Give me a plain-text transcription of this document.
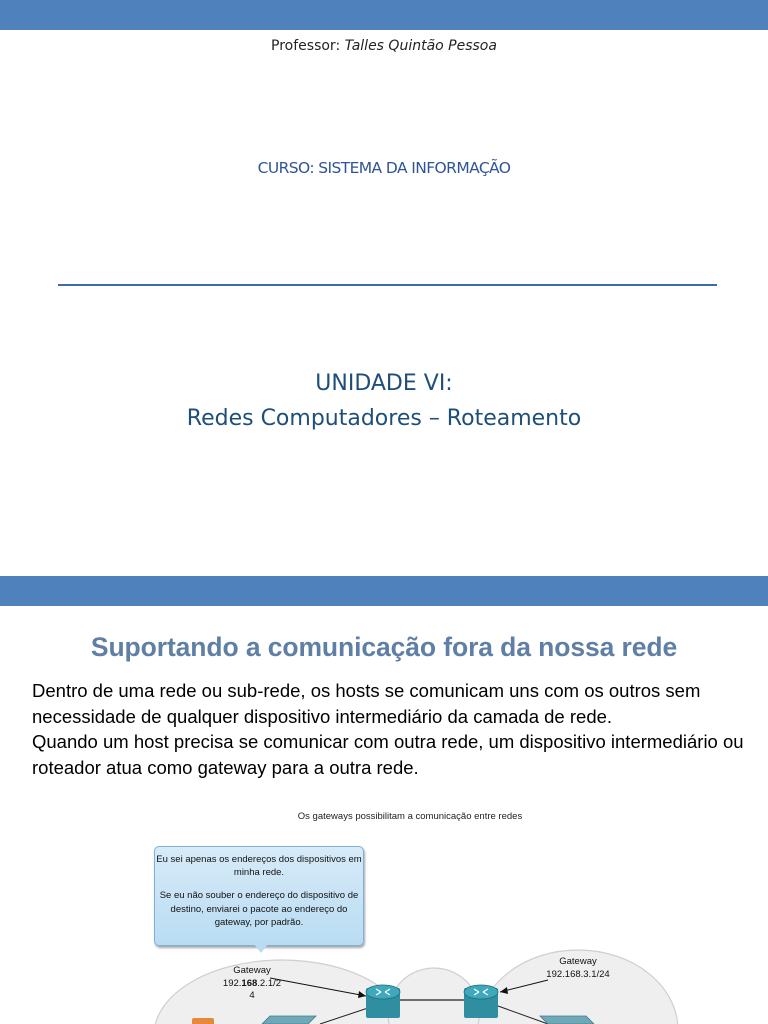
Professor: Talles Quintão Pessoa
CURSO: SISTEMA DA INFORMAÇÃO
UNIDADE VI:
Redes Computadores – Roteamento
Suportando a comunicação fora da nossa rede

Dentro de uma rede ou sub-rede, os hosts se comunicam uns com os outros sem necessidade de qualquer dispositivo intermediário da camada de rede.

Quando um host precisa se comunicar com outra rede, um dispositivo intermediário ou roteador atua como gateway para a outra rede.

Os gateways possibilitam a comunicação entre redes
Eu sei apenas os endereços dos dispositivos em minha rede.
Se eu não souber o endereço do dispositivo de destino, enviarei o pacote ao endereço do gateway, por padrão.
Gateway
192.168.2.1/2
4
Gateway
192.168.3.1/24
